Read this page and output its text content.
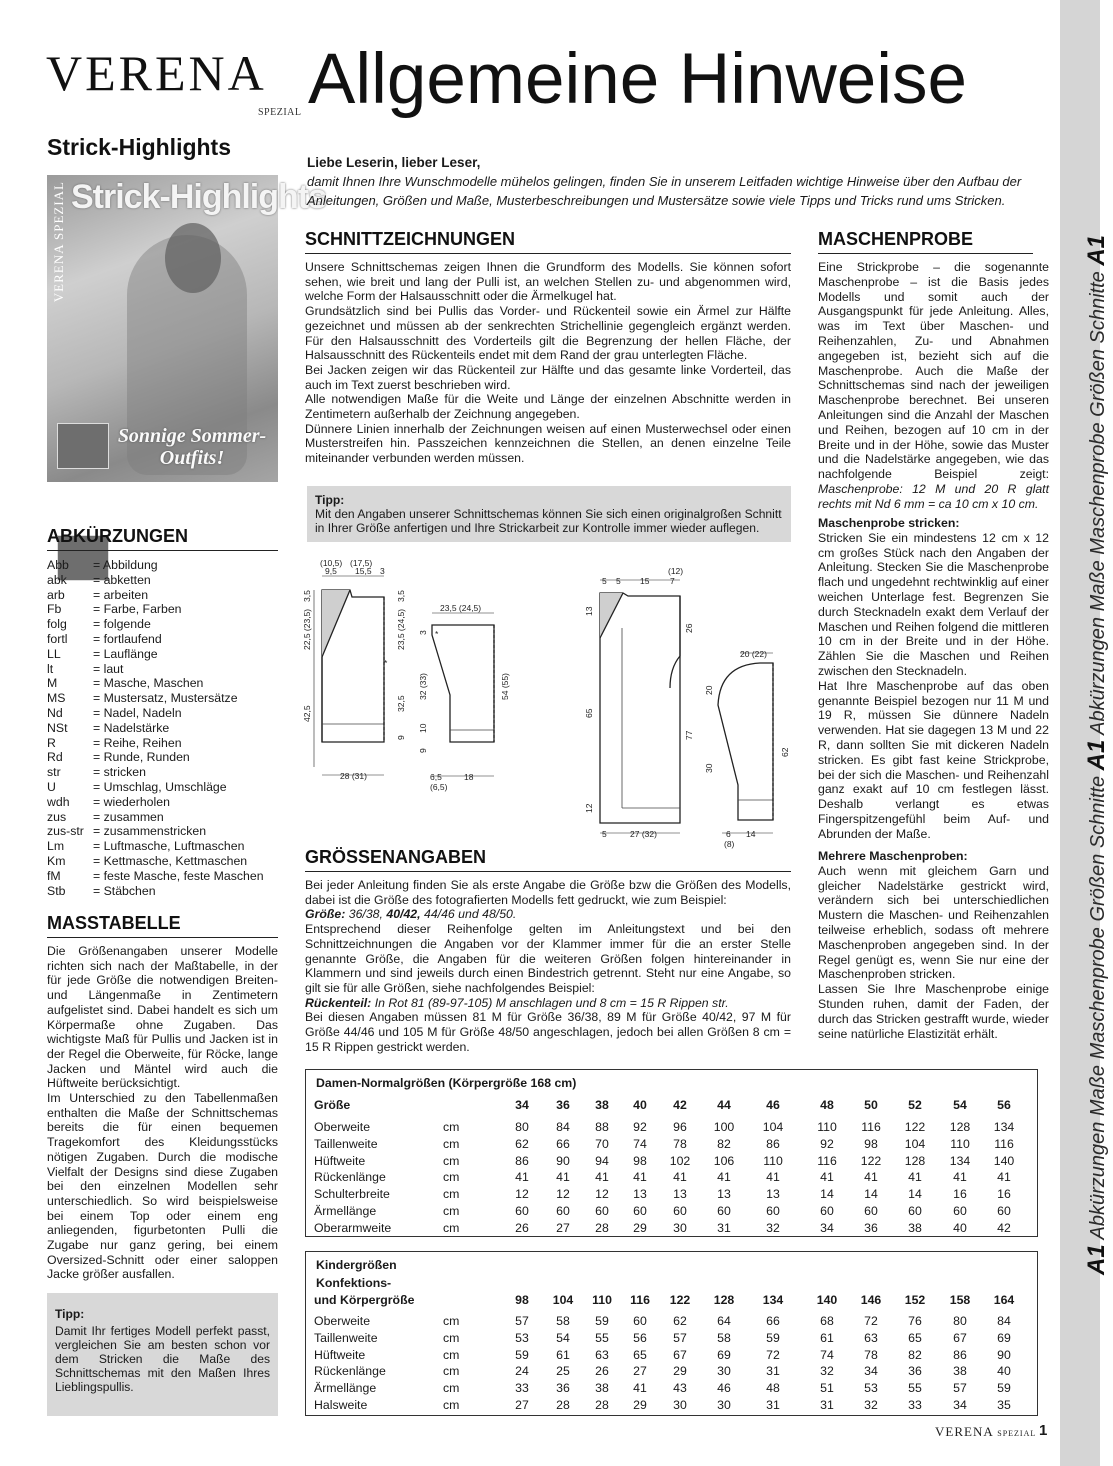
A1 Abkürzungen Maße Maschenprobe Größen Schnitte A1 Abkürzungen Maße Maschenprobe Größen Schnitte A1
VERENA
SPEZIAL Allgemeine Hinweise
Strick-Highlights
VERENA SPEZIAL Strick-Highlights
Sonnige Sommer-Outfits!
ABKÜRZUNGEN
Abb	= Abbildung
abk	= abketten
arb	= arbeiten
Fb	= Farbe, Farben
folg	= folgende
fortl	= fortlaufend
LL	= Lauflänge
lt	= laut
M	= Masche, Maschen
MS	= Mustersatz, Mustersätze
Nd	= Nadel, Nadeln
NSt	= Nadelstärke
R	= Reihe, Reihen
Rd	= Runde, Runden
str	= stricken
U	= Umschlag, Umschläge
wdh	= wiederholen
zus	= zusammen
zus-str = zusammenstricken
Lm	= Luftmasche, Luftmaschen
Km	= Kettmasche, Kettmaschen
fM	= feste Masche, feste Maschen
Stb	= Stäbchen
MASSTABELLE
Die Größenangaben unserer Modelle richten sich nach der Maßtabelle, in der für jede Größe die notwendigen Breiten- und Längenmaße in Zentimetern aufgelistet sind. Dabei handelt es sich um Körpermaße ohne Zugaben. Das wichtigste Maß für Pullis und Jacken ist in der Regel die Oberweite, für Röcke, lange Jacken und Mäntel wird auch die Hüftweite berücksichtigt.
Im Unterschied zu den Tabellenmaßen enthalten die Maße der Schnittschemas bereits die für einen bequemen Tragekomfort des Kleidungsstücks nötigen Zugaben. Durch die modische Vielfalt der Designs sind diese Zugaben bei den einzelnen Modellen sehr unterschiedlich. So wird beispielsweise bei einem Top oder einem eng anliegenden, figurbetonten Pulli die Zugabe nur ganz gering, bei einem Oversized-Schnitt oder einer saloppen Jacke größer ausfallen.
Tipp:
Damit Ihr fertiges Modell perfekt passt, vergleichen Sie am besten schon vor dem Stricken die Maße des Schnittschemas mit den Maßen Ihres Lieblingspullis.
Liebe Leserin, lieber Leser,
damit Ihnen Ihre Wunschmodelle mühelos gelingen, finden Sie in unserem Leitfaden wichtige Hinweise über den Aufbau der Anleitungen, Größen und Maße, Musterbeschreibungen und Mustersätze sowie viele Tipps und Tricks rund ums Stricken.
SCHNITTZEICHNUNGEN
Unsere Schnittschemas zeigen Ihnen die Grundform des Modells. Sie können sofort sehen, wie breit und lang der Pulli ist, an welchen Stellen zu- und abgenommen wird, welche Form der Halsausschnitt oder die Ärmelkugel hat.
Grundsätzlich sind bei Pullis das Vorder- und Rückenteil sowie ein Ärmel zur Hälfte gezeichnet und müssen ab der senkrechten Strichellinie gegengleich ergänzt werden. Für den Halsausschnitt des Vorderteils gilt die Begrenzung der hellen Fläche, der Halsausschnitt des Rückenteils endet mit dem Rand der grau unterlegten Fläche.
Bei Jacken zeigen wir das Rückenteil zur Hälfte und das gesamte linke Vorderteil, das auch im Text zuerst beschrieben wird.
Alle notwendigen Maße für die Weite und Länge der einzelnen Abschnitte werden in Zentimetern außerhalb der Zeichnung angegeben.
Dünnere Linien innerhalb der Zeichnungen weisen auf einen Musterwechsel oder einen Musterstreifen hin. Passzeichen kennzeichnen die Stellen, an denen einzelne Teile miteinander verbunden werden müssen.
Tipp:
Mit den Angaben unserer Schnittschemas können Sie sich einen originalgroßen Schnitt in Ihrer Größe anfertigen und Ihre Strickarbeit zur Kontrolle immer wieder auflegen.
*
9,5 15,5 3
(10,5) (17,5)
22,5 (23,5)
3,5
42,5
23,5 (24,5)
3,5
32,5
9
28 (31)
*
23,5 (24,5)
3
32 (33)
10
9
54 (55)
6,5	18
(6,5)
5 5 15 7
(12)
13
65
12
26
77
5	27 (32)
20 (22)
20
30
62
6 14
(8)
GRÖSSENANGABEN
Bei jeder Anleitung finden Sie als erste Angabe die Größe bzw die Größen des Modells, dabei ist die Größe des fotografierten Modells fett gedruckt, wie zum Beispiel:
Größe: 36/38, 40/42, 44/46 und 48/50.
Entsprechend dieser Reihenfolge gelten im Anleitungstext und bei den Schnittzeichnungen die Angaben vor der Klammer immer für die an erster Stelle genannte Größe, die Angaben für die weiteren Größen folgen hintereinander in Klammern und sind jeweils durch einen Bindestrich getrennt. Steht nur eine Angabe, so gilt sie für alle Größen, siehe nachfolgendes Beispiel:
Rückenteil: In Rot 81 (89-97-105) M anschlagen und 8 cm = 15 R Rippen str.
Bei diesen Angaben müssen 81 M für Größe 36/38, 89 M für Größe 40/42, 97 M für Größe 44/46 und 105 M für Größe 48/50 angeschlagen, jedoch bei allen Größen 8 cm = 15 R Rippen gestrickt werden.
MASCHENPROBE
Eine Strickprobe – die sogenannte Maschenprobe – ist die Basis jedes Modells und somit auch der Ausgangspunkt für jede Anleitung. Alles, was im Text über Maschen- und Reihenzahlen, Zu- und Abnahmen angegeben ist, bezieht sich auf die Maschenprobe. Auch die Maße der Schnittschemas sind nach der jeweiligen Maschenprobe berechnet. Bei unseren Anleitungen sind die Anzahl der Maschen und Reihen, bezogen auf 10 cm in der Breite und in der Höhe, sowie das Muster und die Nadelstärke angegeben, wie das nachfolgende Beispiel zeigt: Maschenprobe: 12 M und 20 R glatt rechts mit Nd 6 mm = ca 10 cm x 10 cm.
Maschenprobe stricken:
Stricken Sie ein mindestens 12 cm x 12 cm großes Stück nach den Angaben der Anleitung. Stecken Sie die Maschenprobe flach und ungedehnt rechtwinklig auf einer weichen Unterlage fest. Begrenzen Sie durch Stecknadeln exakt dem Verlauf der Maschen und Reihen folgend die mittleren 10 cm in der Breite und in der Höhe. Zählen Sie die Maschen und Reihen zwischen den Stecknadeln.
Hat Ihre Maschenprobe auf das oben genannte Beispiel bezogen nur 11 M und 19 R, müssen Sie dünnere Nadeln verwenden. Hat sie dagegen 13 M und 22 R, dann sollten Sie mit dickeren Nadeln stricken. Es gibt fast keine Strickprobe, bei der sich die Maschen- und Reihenzahl ganz exakt auf 10 cm festlegen lässt. Deshalb verlangt es etwas Fingerspitzengefühl beim Auf- und Abrunden der Maße.
Mehrere Maschenproben:
Auch wenn mit gleichem Garn und gleicher Nadelstärke gestrickt wird, verändern sich bei unterschiedlichen Mustern die Maschen- und Reihenzahlen teilweise erheblich, sodass oft mehrere Maschenproben angegeben sind. In der Regel genügt es, wenn Sie nur eine der Maschenproben stricken.
Lassen Sie Ihre Maschenprobe einige Stunden ruhen, damit der Faden, der durch das Stricken gestrafft wurde, wieder seine natürliche Elastizität erhält.
Damen-Normalgrößen (Körpergröße 168 cm)
Größe	34	36	38	40	42	44	46	48	50	52	54	56
Oberweite	cm	80	84	88	92	96	100	104	110	116	122	128	134
Taillenweite	cm	62	66	70	74	78	82	86	92	98	104	110	116
Hüftweite	cm	86	90	94	98	102	106	110	116	122	128	134	140
Rückenlänge	cm	41	41	41	41	41	41	41	41	41	41	41	41
Schulterbreite	cm	12	12	12	13	13	13	13	14	14	14	16	16
Ärmellänge	cm	60	60	60	60	60	60	60	60	60	60	60	60
Oberarmweite	cm	26	27	28	29	30	31	32	34	36	38	40	42
Kindergrößen
Konfektions-
und Körpergröße	98	104	110	116	122	128	134	140	146	152	158	164
Oberweite	cm	57	58	59	60	62	64	66	68	72	76	80	84
Taillenweite	cm	53	54	55	56	57	58	59	61	63	65	67	69
Hüftweite	cm	59	61	63	65	67	69	72	74	78	82	86	90
Rückenlänge	cm	24	25	26	27	29	30	31	32	34	36	38	40
Ärmellänge	cm	33	36	38	41	43	46	48	51	53	55	57	59
Halsweite	cm	27	28	28	29	30	30	31	31	32	33	34	35
VERENA SPEZIAL 1
